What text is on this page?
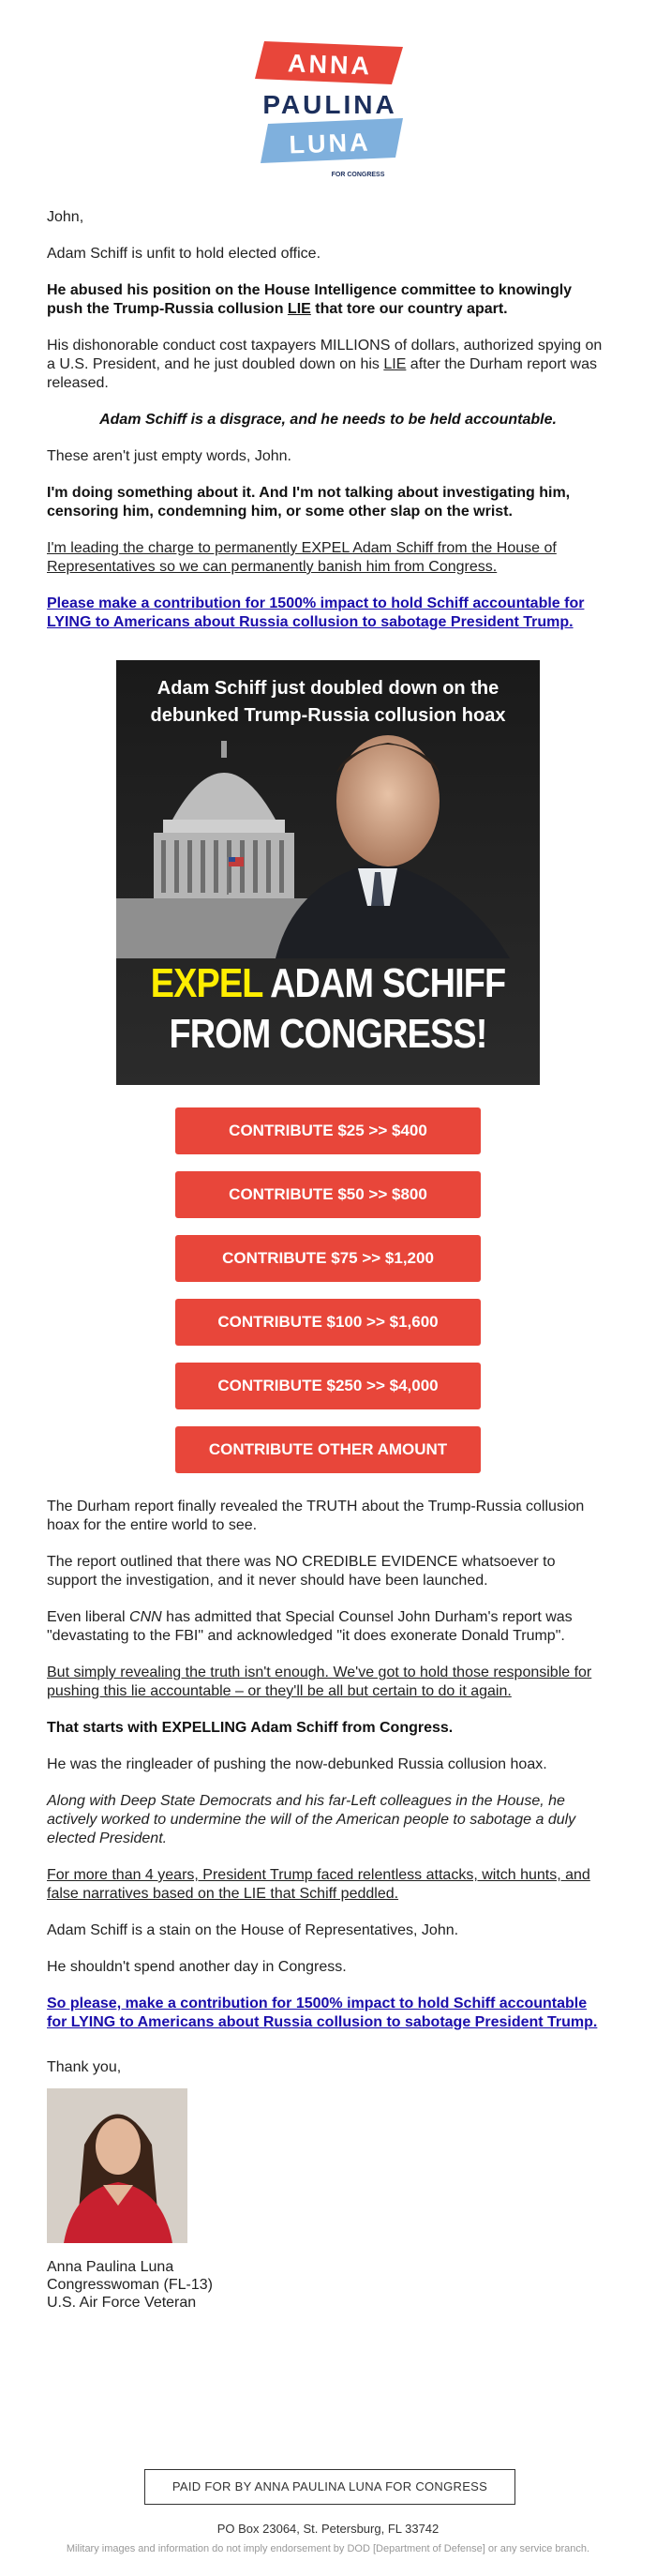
ANNA
PAULINA
LUNA
FOR CONGRESS

John,

Adam Schiff is unfit to hold elected office.

He abused his position on the House Intelligence committee to knowingly push the Trump-Russia collusion LIE that tore our country apart.

His dishonorable conduct cost taxpayers MILLIONS of dollars, authorized spying on a U.S. President, and he just doubled down on his LIE after the Durham report was released.

Adam Schiff is a disgrace, and he needs to be held accountable.

These aren't just empty words, John.

I'm doing something about it. And I'm not talking about investigating him, censoring him, condemning him, or some other slap on the wrist.

I'm leading the charge to permanently EXPEL Adam Schiff from the House of Representatives so we can permanently banish him from Congress.

Please make a contribution for 1500% impact to hold Schiff accountable for LYING to Americans about Russia collusion to sabotage President Trump.

Adam Schiff just doubled down on the
debunked Trump-Russia collusion hoax
EXPEL ADAM SCHIFF
FROM CONGRESS!
CONTRIBUTE $25 >> $400
CONTRIBUTE $50 >> $800
CONTRIBUTE $75 >> $1,200
CONTRIBUTE $100 >> $1,600
CONTRIBUTE $250 >> $4,000
CONTRIBUTE OTHER AMOUNT

The Durham report finally revealed the TRUTH about the Trump-Russia collusion hoax for the entire world to see.

The report outlined that there was NO CREDIBLE EVIDENCE whatsoever to support the investigation, and it never should have been launched.

Even liberal CNN has admitted that Special Counsel John Durham's report was "devastating to the FBI" and acknowledged "it does exonerate Donald Trump".

But simply revealing the truth isn't enough. We've got to hold those responsible for pushing this lie accountable – or they'll be all but certain to do it again.

That starts with EXPELLING Adam Schiff from Congress.

He was the ringleader of pushing the now-debunked Russia collusion hoax.

Along with Deep State Democrats and his far-Left colleagues in the House, he actively worked to undermine the will of the American people to sabotage a duly elected President.

For more than 4 years, President Trump faced relentless attacks, witch hunts, and false narratives based on the LIE that Schiff peddled.

Adam Schiff is a stain on the House of Representatives, John.

He shouldn't spend another day in Congress.

So please, make a contribution for 1500% impact to hold Schiff accountable for LYING to Americans about Russia collusion to sabotage President Trump.

Thank you,

Anna Paulina Luna
Congresswoman (FL-13)
U.S. Air Force Veteran
PAID FOR BY ANNA PAULINA LUNA FOR CONGRESS
PO Box 23064, St. Petersburg, FL 33742
Military images and information do not imply endorsement by DOD [Department of Defense] or any service branch.
